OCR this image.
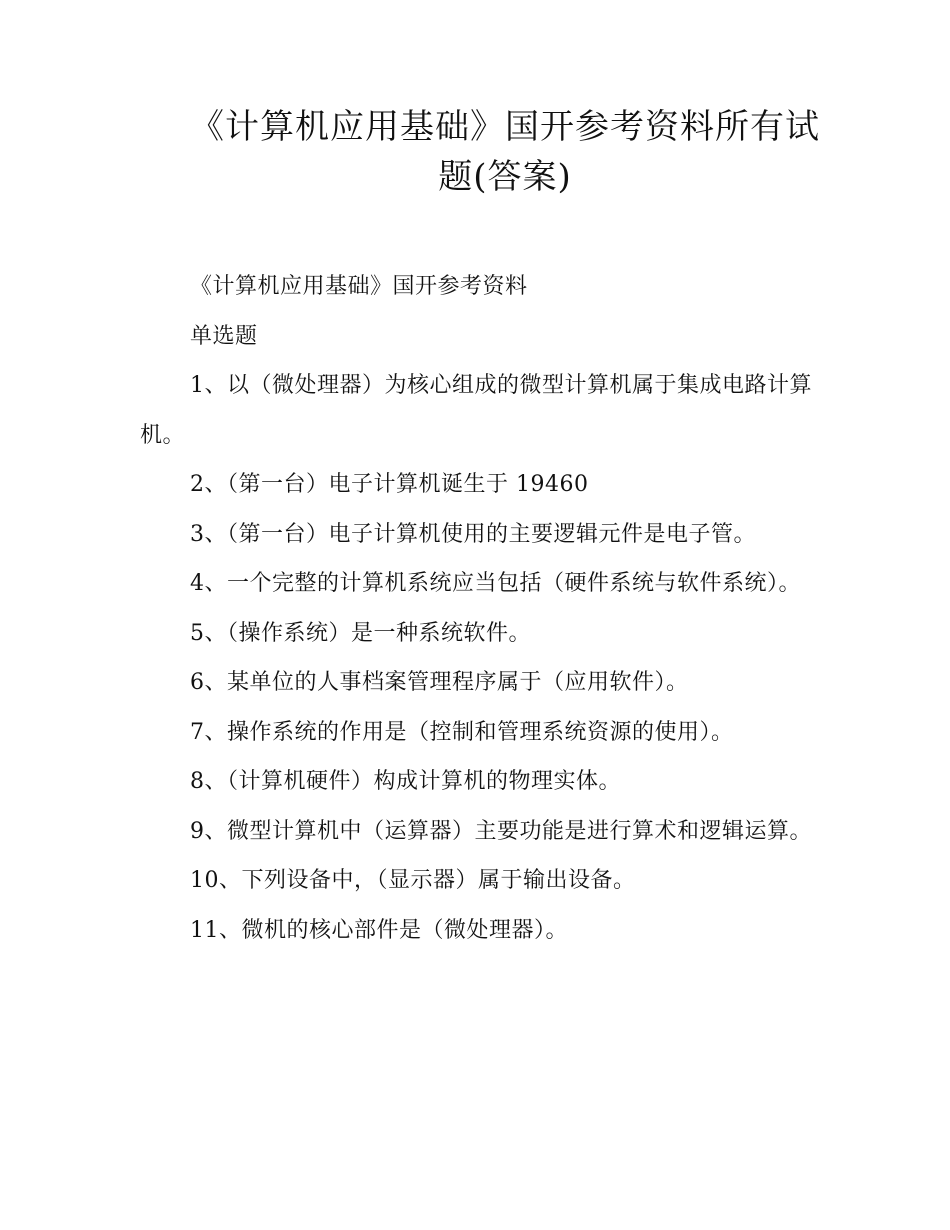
《计算机应用基础》国开参考资料所有试
题(答案)

《计算机应用基础》国开参考资料

单选题

1、以（微处理器）为核心组成的微型计算机属于集成电路计算机。

2、（第一台）电子计算机诞生于 19460

3、（第一台）电子计算机使用的主要逻辑元件是电子管。

4、一个完整的计算机系统应当包括（硬件系统与软件系统）。

5、（操作系统）是一种系统软件。

6、某单位的人事档案管理程序属于（应用软件）。

7、操作系统的作用是（控制和管理系统资源的使用）。

8、（计算机硬件）构成计算机的物理实体。

9、微型计算机中（运算器）主要功能是进行算术和逻辑运算。

10、下列设备中，（显示器）属于输出设备。

11、微机的核心部件是（微处理器）。
